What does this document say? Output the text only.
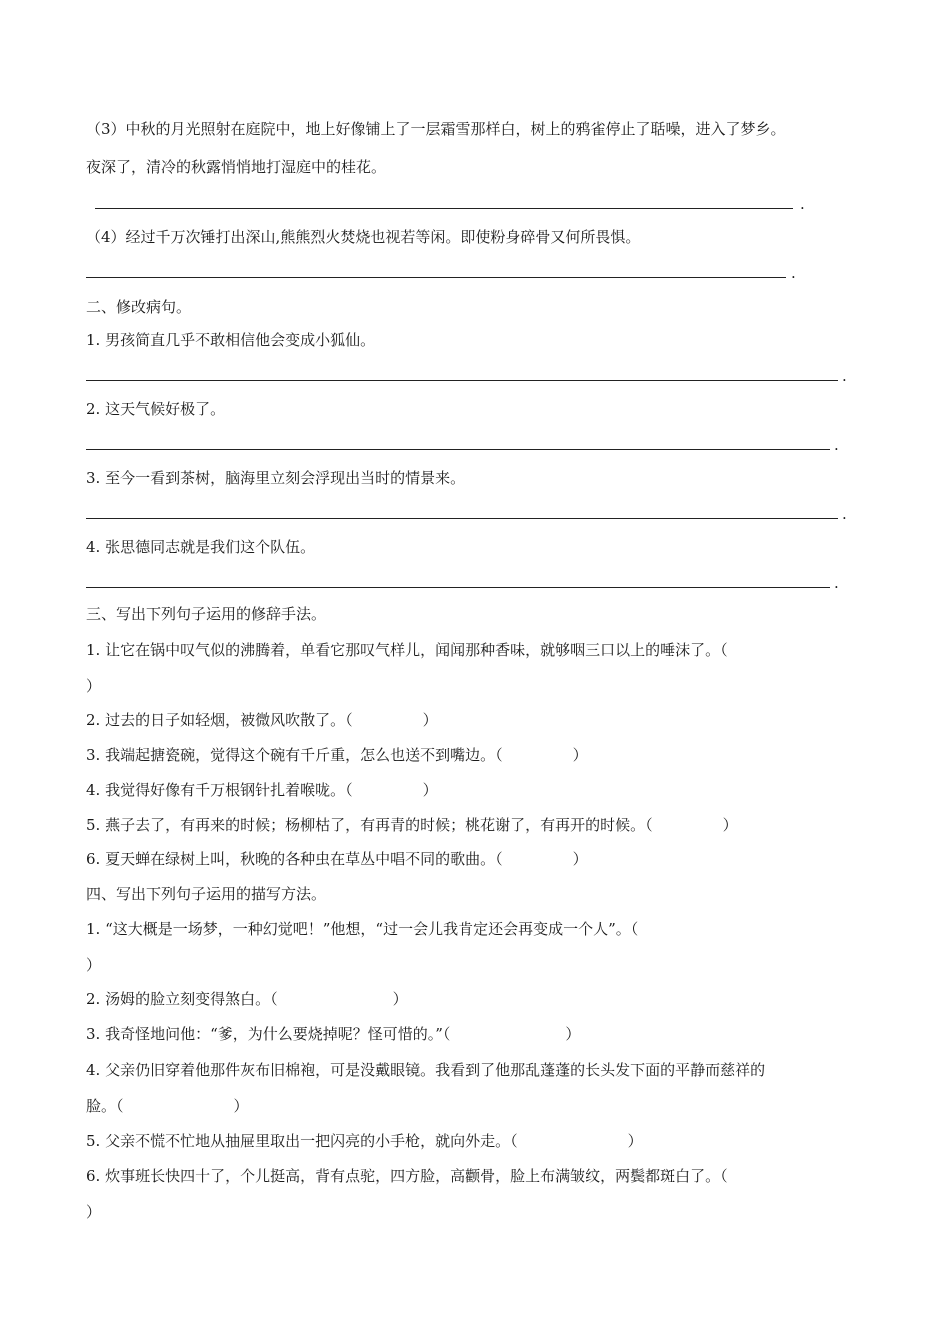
（3）中秋的月光照射在庭院中，地上好像铺上了一层霜雪那样白，树上的鸦雀停止了聒噪，进入了梦乡。
夜深了，清冷的秋露悄悄地打湿庭中的桂花。
.
（4）经过千万次锤打出深山,熊熊烈火焚烧也视若等闲。即使粉身碎骨又何所畏惧。
.
二、修改病句。
1. 男孩简直几乎不敢相信他会变成小狐仙。
.
2. 这天气候好极了。
.
3. 至今一看到茶树，脑海里立刻会浮现出当时的情景来。
.
4. 张思德同志就是我们这个队伍。
.
三、写出下列句子运用的修辞手法。
1. 让它在锅中叹气似的沸腾着，单看它那叹气样儿，闻闻那种香味，就够咽三口以上的唾沫了。（
）
2. 过去的日子如轻烟，被微风吹散了。（	）
3. 我端起搪瓷碗，觉得这个碗有千斤重，怎么也送不到嘴边。（	）
4. 我觉得好像有千万根钢针扎着喉咙。（	）
5. 燕子去了，有再来的时候；杨柳枯了，有再青的时候；桃花谢了，有再开的时候。（	）
6. 夏天蝉在绿树上叫，秋晚的各种虫在草丛中唱不同的歌曲。（	）
四、写出下列句子运用的描写方法。
1. “这大概是一场梦，一种幻觉吧！”他想，“过一会儿我肯定还会再变成一个人”。（
）
2. 汤姆的脸立刻变得煞白。（	）
3. 我奇怪地问他：“爹，为什么要烧掉呢？怪可惜的。”（	）
4. 父亲仍旧穿着他那件灰布旧棉袍，可是没戴眼镜。我看到了他那乱蓬蓬的长头发下面的平静而慈祥的
脸。（	）
5. 父亲不慌不忙地从抽屉里取出一把闪亮的小手枪，就向外走。（	）
6. 炊事班长快四十了，个儿挺高，背有点驼，四方脸，高颧骨，脸上布满皱纹，两鬓都斑白了。（
）
